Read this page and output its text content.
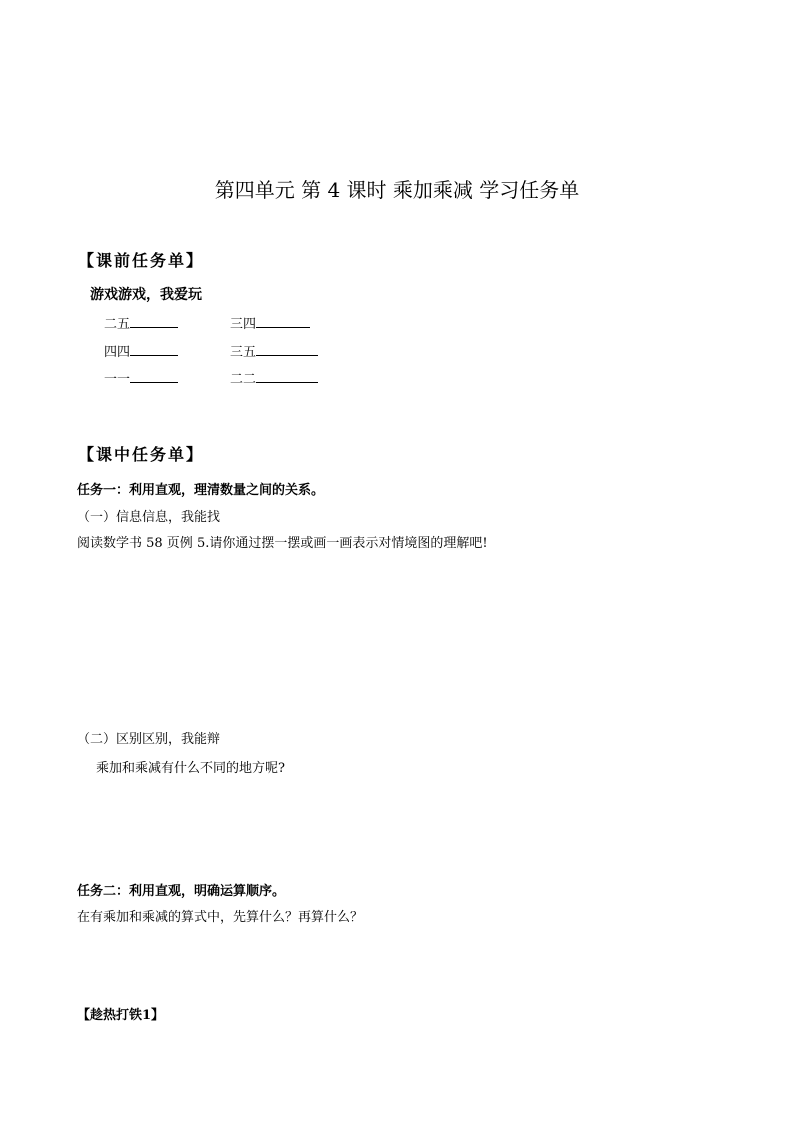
第四单元 第 4 课时 乘加乘减 学习任务单
【课前任务单】
游戏游戏，我爱玩
二五	三四
四四	三五
一一	二二
【课中任务单】
任务一：利用直观，理清数量之间的关系。
（一）信息信息，我能找
阅读数学书 58 页例 5.请你通过摆一摆或画一画表示对情境图的理解吧!
（二）区别区别，我能辩
乘加和乘减有什么不同的地方呢?
任务二：利用直观，明确运算顺序。
在有乘加和乘减的算式中，先算什么？再算什么？
【趁热打铁1】
